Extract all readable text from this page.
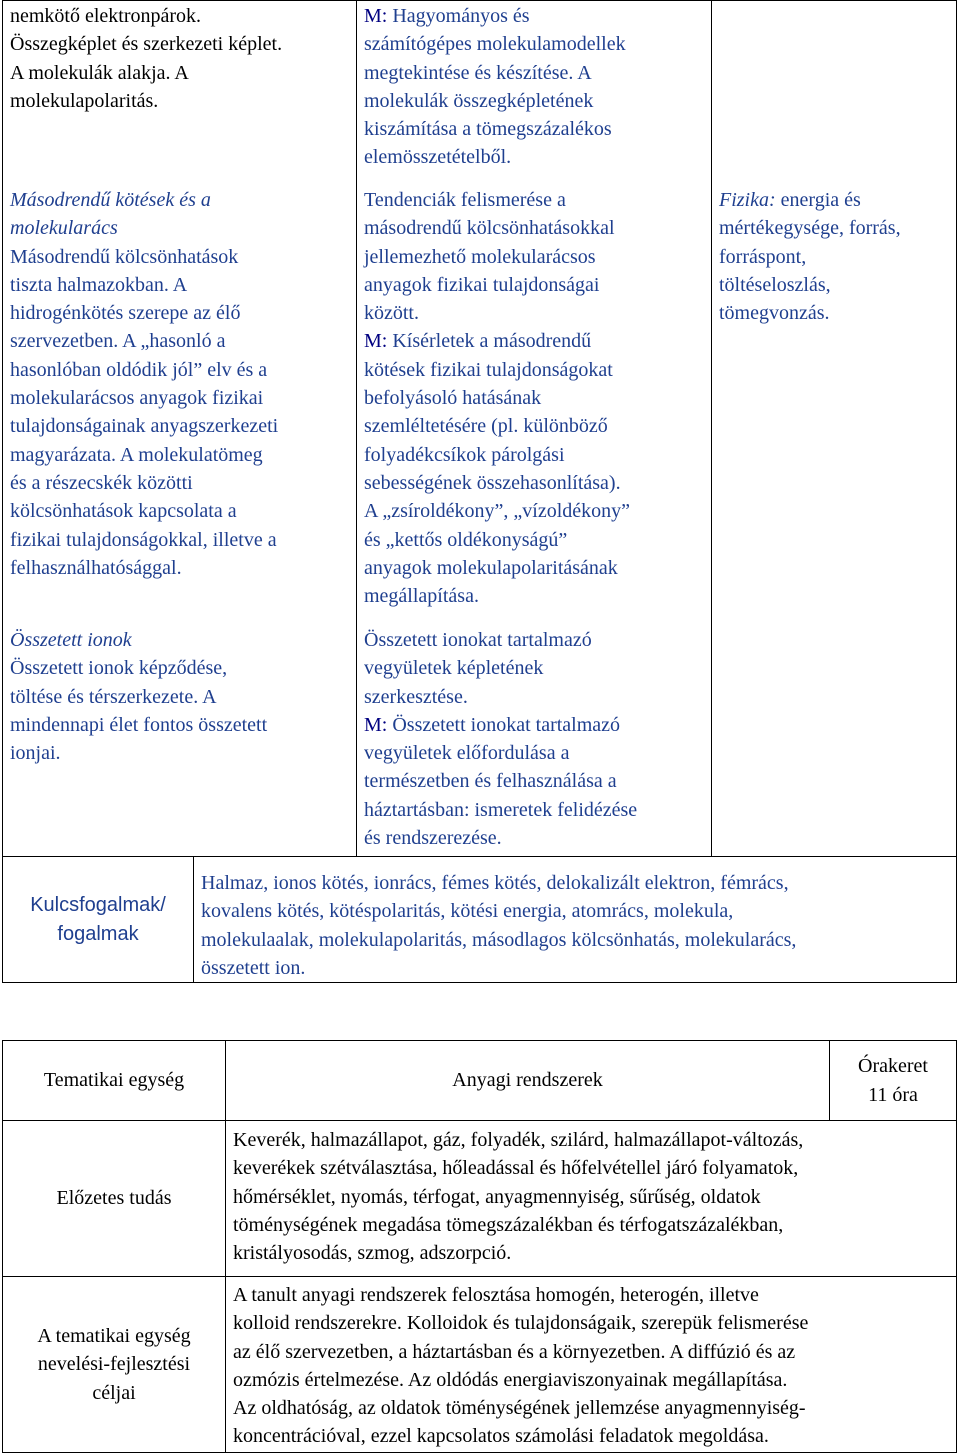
nemkötő elektronpárok.

Összegképlet és szerkezeti képlet.

A molekulák alakja. A

molekulapolaritás.

M: Hagyományos és

számítógépes molekulamodellek

megtekintése és készítése. A

molekulák összegképletének

kiszámítása a tömegszázalékos

elemösszetételből.

Másodrendű kötések és a

molekularács

Másodrendű kölcsönhatások

tiszta halmazokban. A

hidrogénkötés szerepe az élő

szervezetben. A „hasonló a

hasonlóban oldódik jól” elv és a

molekularácsos anyagok fizikai

tulajdonságainak anyagszerkezeti

magyarázata. A molekulatömeg

és a részecskék közötti

kölcsönhatások kapcsolata a

fizikai tulajdonságokkal, illetve a

felhasználhatósággal.

Tendenciák felismerése a

másodrendű kölcsönhatásokkal

jellemezhető molekularácsos

anyagok fizikai tulajdonságai

között.

M: Kísérletek a másodrendű

kötések fizikai tulajdonságokat

befolyásoló hatásának

szemléltetésére (pl. különböző

folyadékcsíkok párolgási

sebességének összehasonlítása).

A „zsíroldékony”, „vízoldékony”

és „kettős oldékonyságú”

anyagok molekulapolaritásának

megállapítása.

Fizika: energia és

mértékegysége, forrás,

forráspont,

töltéseloszlás,

tömegvonzás.

Összetett ionok

Összetett ionok képződése,

töltése és térszerkezete. A

mindennapi élet fontos összetett

ionjai.

Összetett ionokat tartalmazó

vegyületek képletének

szerkesztése.

M: Összetett ionokat tartalmazó

vegyületek előfordulása a

természetben és felhasználása a

háztartásban: ismeretek felidézése

és rendszerezése.

Kulcsfogalmak/

fogalmak

Halmaz, ionos kötés, ionrács, fémes kötés, delokalizált elektron, fémrács,

kovalens kötés, kötéspolaritás, kötési energia, atomrács, molekula,

molekulaalak, molekulapolaritás, másodlagos kölcsönhatás, molekularács,

összetett ion.

Tematikai egység	Anyagi rendszerek

Órakeret

11 óra

Előzetes tudás

Keverék, halmazállapot, gáz, folyadék, szilárd, halmazállapot-változás,

keverékek szétválasztása, hőleadással és hőfelvétellel járó folyamatok,

hőmérséklet, nyomás, térfogat, anyagmennyiség, sűrűség, oldatok

töménységének megadása tömegszázalékban és térfogatszázalékban,

kristályosodás, szmog, adszorpció.

A tematikai egység

nevelési-fejlesztési

céljai

A tanult anyagi rendszerek felosztása homogén, heterogén, illetve

kolloid rendszerekre. Kolloidok és tulajdonságaik, szerepük felismerése

az élő szervezetben, a háztartásban és a környezetben. A diffúzió és az

ozmózis értelmezése. Az oldódás energiaviszonyainak megállapítása.

Az oldhatóság, az oldatok töménységének jellemzése anyagmennyiség-

koncentrációval, ezzel kapcsolatos számolási feladatok megoldása.
